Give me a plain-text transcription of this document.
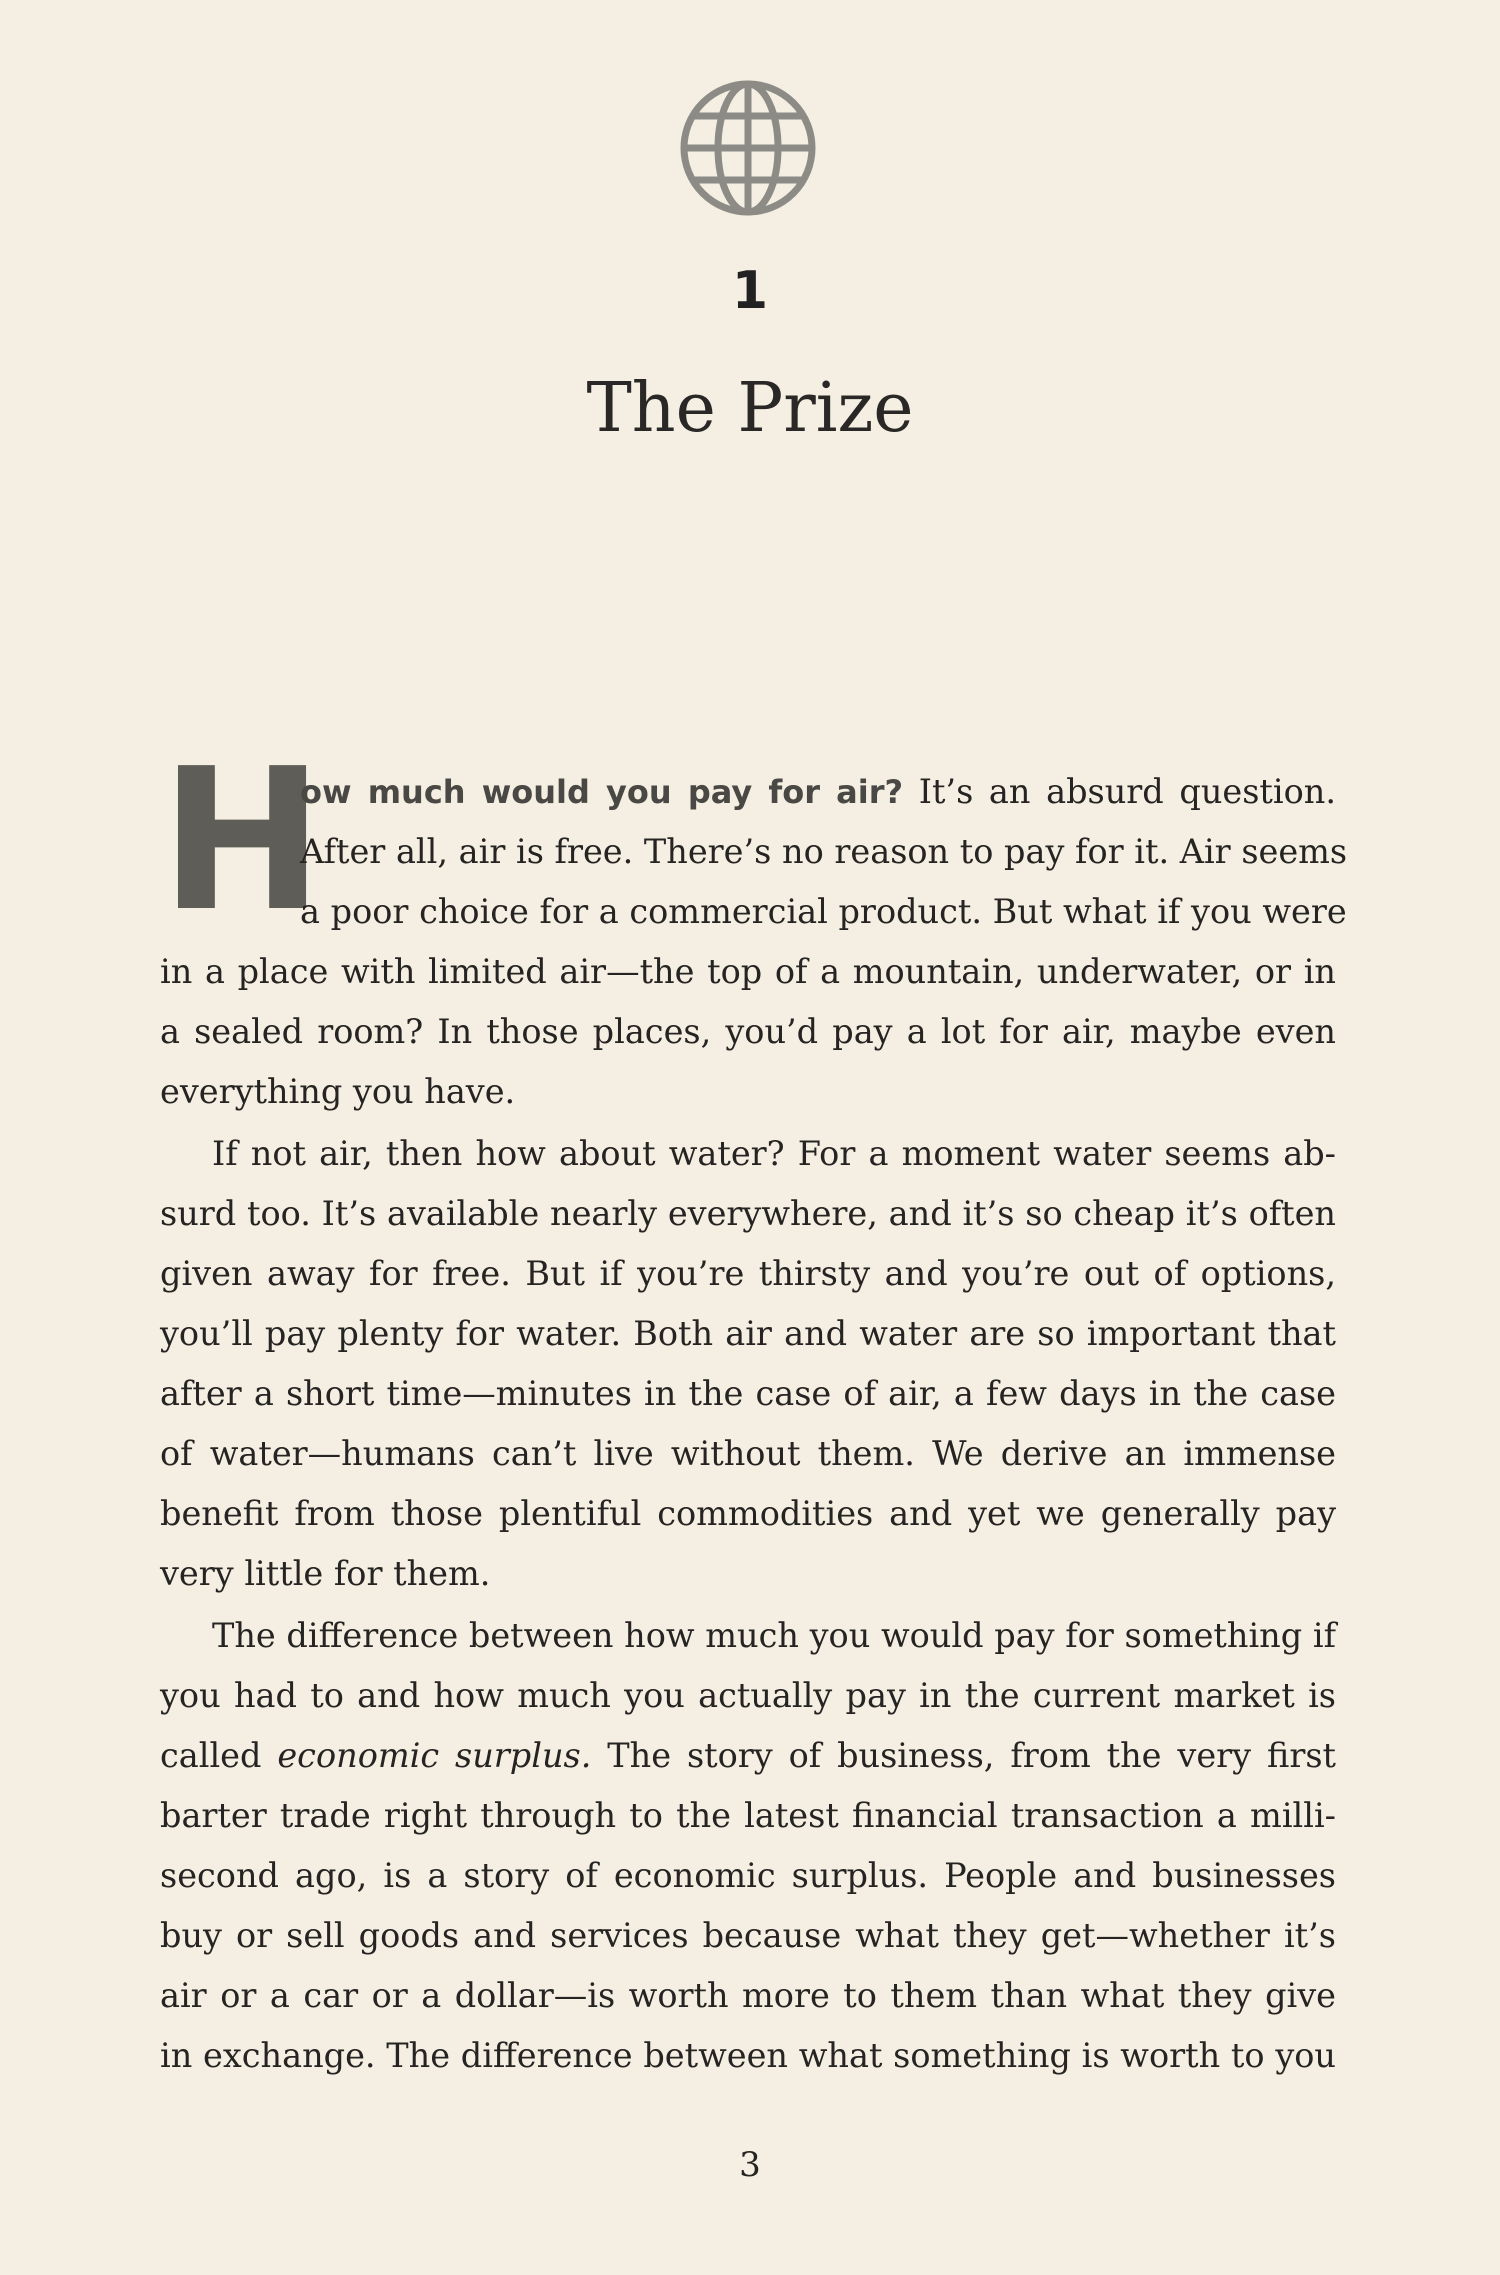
1
The Prize
H
ow much would you pay for air? It’s an absurd question.
After all, air is free. There’s no reason to pay for it. Air seems
a poor choice for a commercial product. But what if you were
in a place with limited air—the top of a mountain, underwater, or in
a sealed room? In those places, you’d pay a lot for air, maybe even
everything you have.
If not air, then how about water? For a moment water seems ab-
surd too. It’s available nearly everywhere, and it’s so cheap it’s often
given away for free. But if you’re thirsty and you’re out of options,
you’ll pay plenty for water. Both air and water are so important that
after a short time—minutes in the case of air, a few days in the case
of water—humans can’t live without them. We derive an immense
benefit from those plentiful commodities and yet we generally pay
very little for them.
The difference between how much you would pay for something if
you had to and how much you actually pay in the current market is
called economic surplus. The story of business, from the very first
barter trade right through to the latest financial transaction a milli-
second ago, is a story of economic surplus. People and businesses
buy or sell goods and services because what they get—whether it’s
air or a car or a dollar—is worth more to them than what they give
in exchange. The difference between what something is worth to you
3
